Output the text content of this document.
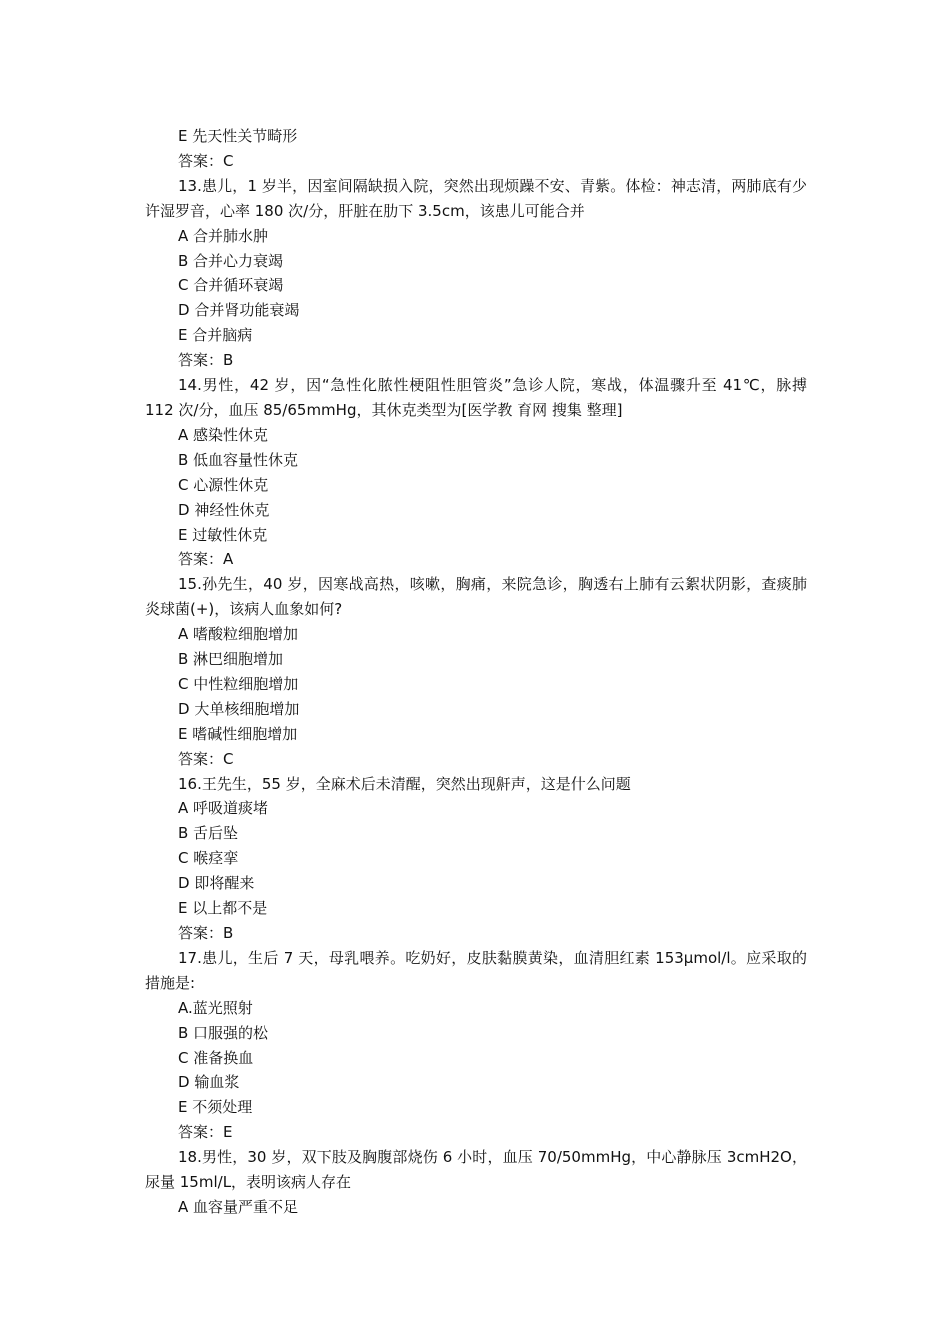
E 先天性关节畸形
答案：C
13.患儿，1 岁半，因室间隔缺损入院，突然出现烦躁不安、青紫。体检：神志清，两肺底有少许湿罗音，心率 180 次/分，肝脏在肋下 3.5cm，该患儿可能合并
A 合并肺水肿
B 合并心力衰竭
C 合并循环衰竭
D 合并肾功能衰竭
E 合并脑病
答案：B
14.男性，42 岁，因“急性化脓性梗阻性胆管炎”急诊人院，寒战，体温骤升至 41℃，脉搏 112 次/分，血压 85/65mmHg，其休克类型为[医学教 育网 搜集 整理]
A 感染性休克
B 低血容量性休克
C 心源性休克
D 神经性休克
E 过敏性休克
答案：A
15.孙先生，40 岁，因寒战高热，咳嗽，胸痛，来院急诊，胸透右上肺有云絮状阴影，查痰肺炎球菌(+)，该病人血象如何?
A 嗜酸粒细胞增加
B 淋巴细胞增加
C 中性粒细胞增加
D 大单核细胞增加
E 嗜碱性细胞增加
答案：C
16.王先生，55 岁，全麻术后未清醒，突然出现鼾声，这是什么问题
A 呼吸道痰堵
B 舌后坠
C 喉痉挛
D 即将醒来
E 以上都不是
答案：B
17.患儿，生后 7 天，母乳喂养。吃奶好，皮肤黏膜黄染，血清胆红素 153μmol/l。应采取的措施是:
A.蓝光照射
B 口服强的松
C 准备换血
D 输血浆
E 不须处理
答案：E
18.男性，30 岁，双下肢及胸腹部烧伤 6 小时，血压 70/50mmHg，中心静脉压 3cmH2O，尿量 15ml/L，表明该病人存在
A 血容量严重不足
